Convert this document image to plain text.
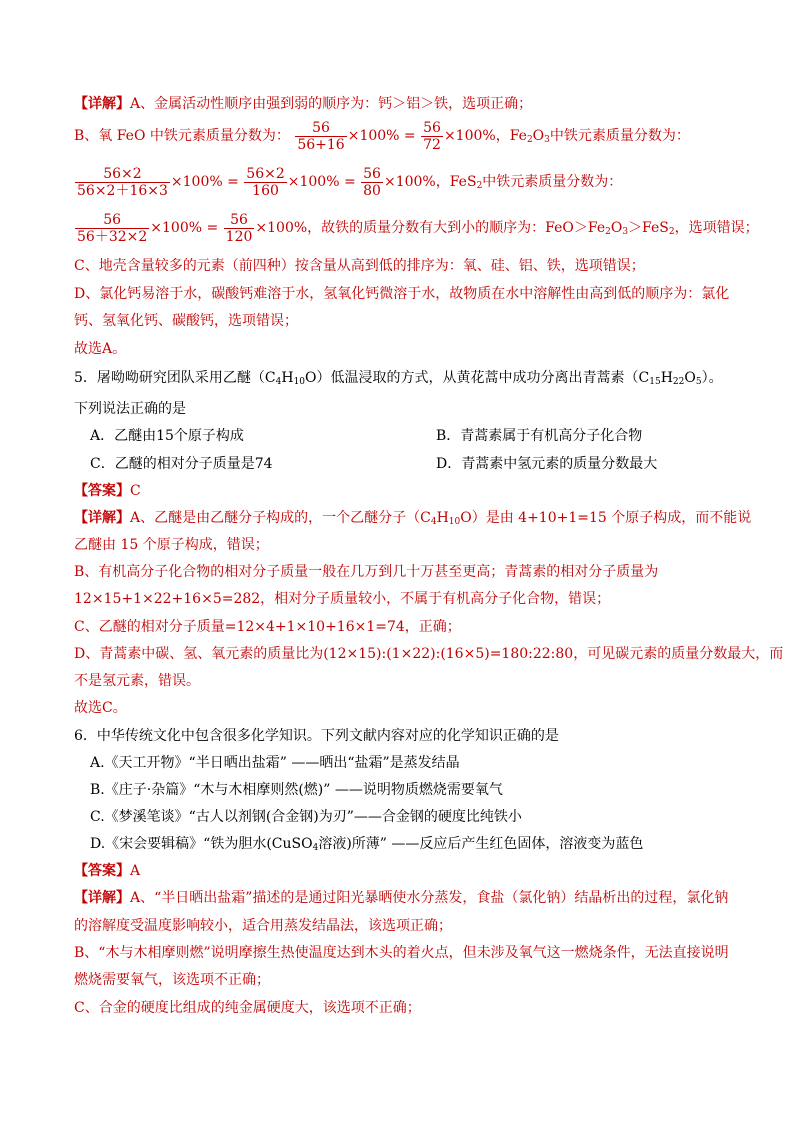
【详解】A、金属活动性顺序由强到弱的顺序为：钙＞铝＞铁，选项正确；
B、氧 FeO 中铁元素质量分数为： $\frac{56}{56+16} \times 100\% = \frac{56}{72} \times 100\%$，$Fe_2O_3$中铁元素质量分数为：
$\frac{56\times 2}{56\times 2+16\times 3} \times 100\% = \frac{56\times 2}{160} \times 100\% = \frac{56}{80} \times 100\%$，FeS$_2$中铁元素质量分数为：
$\frac{56}{56+32\times 2} \times 100\% = \frac{56}{120} \times 100\%$，故铁的质量分数有大到小的顺序为：$FeO>Fe_2O_3>FeS_2$，选项错误；
C、地壳含量较多的元素（前四种）按含量从高到低的排序为：氧、硅、铝、铁，选项错误；
D、氯化钙易溶于水，碳酸钙难溶于水，氢氧化钙微溶于水，故物质在水中溶解性由高到低的顺序为：氯化
钙、氢氧化钙、碳酸钙，选项错误；
故选A。
5．屠呦呦研究团队采用乙醚$(C_4H_{10}O)$低温浸取的方式，从黄花蒿中成功分离出青蒿素$(C_{15}H_{22}O_5)$。
下列说法正确的是
A．乙醚由15个原子构成	B．青蒿素属于有机高分子化合物
C．乙醚的相对分子质量是74	D．青蒿素中氢元素的质量分数最大
【答案】C
【详解】A、乙醚是由乙醚分子构成的，一个乙醚分子$(C_4H_{10}O)$是由 4+10+1=15 个原子构成，而不能说
乙醚由 15 个原子构成，错误；
B、有机高分子化合物的相对分子质量一般在几万到几十万甚至更高；青蒿素的相对分子质量为
12×15+1×22+16×5=282，相对分子质量较小，不属于有机高分子化合物，错误；
C、乙醚的相对分子质量=12×4+1×10+16×1=74，正确；
D、青蒿素中碳、氢、氧元素的质量比为(12×15):(1×22):(16×5)=180:22:80，可见碳元素的质量分数最大，而
不是氢元素，错误。
故选C。
6．中华传统文化中包含很多化学知识。下列文献内容对应的化学知识正确的是
A.《天工开物》“半日晒出盐霜” ——晒出“盐霜”是蒸发结晶
B.《庄子·杂篇》“木与木相摩则然(燃)” ——说明物质燃烧需要氧气
C.《梦溪笔谈》“古人以剂钢(合金钢)为刃”——合金钢的硬度比纯铁小
D.《宋会要辑稿》“铁为胆水(CuSO$_4$溶液)所薄” ——反应后产生红色固体，溶液变为蓝色
【答案】A
【详解】A、“半日晒出盐霜”描述的是通过阳光暴晒使水分蒸发，食盐（氯化钠）结晶析出的过程，氯化钠
的溶解度受温度影响较小，适合用蒸发结晶法，该选项正确；
B、“木与木相摩则燃”说明摩擦生热使温度达到木头的着火点，但未涉及氧气这一燃烧条件，无法直接说明
燃烧需要氧气，该选项不正确；
C、合金的硬度比组成的纯金属硬度大，该选项不正确；
